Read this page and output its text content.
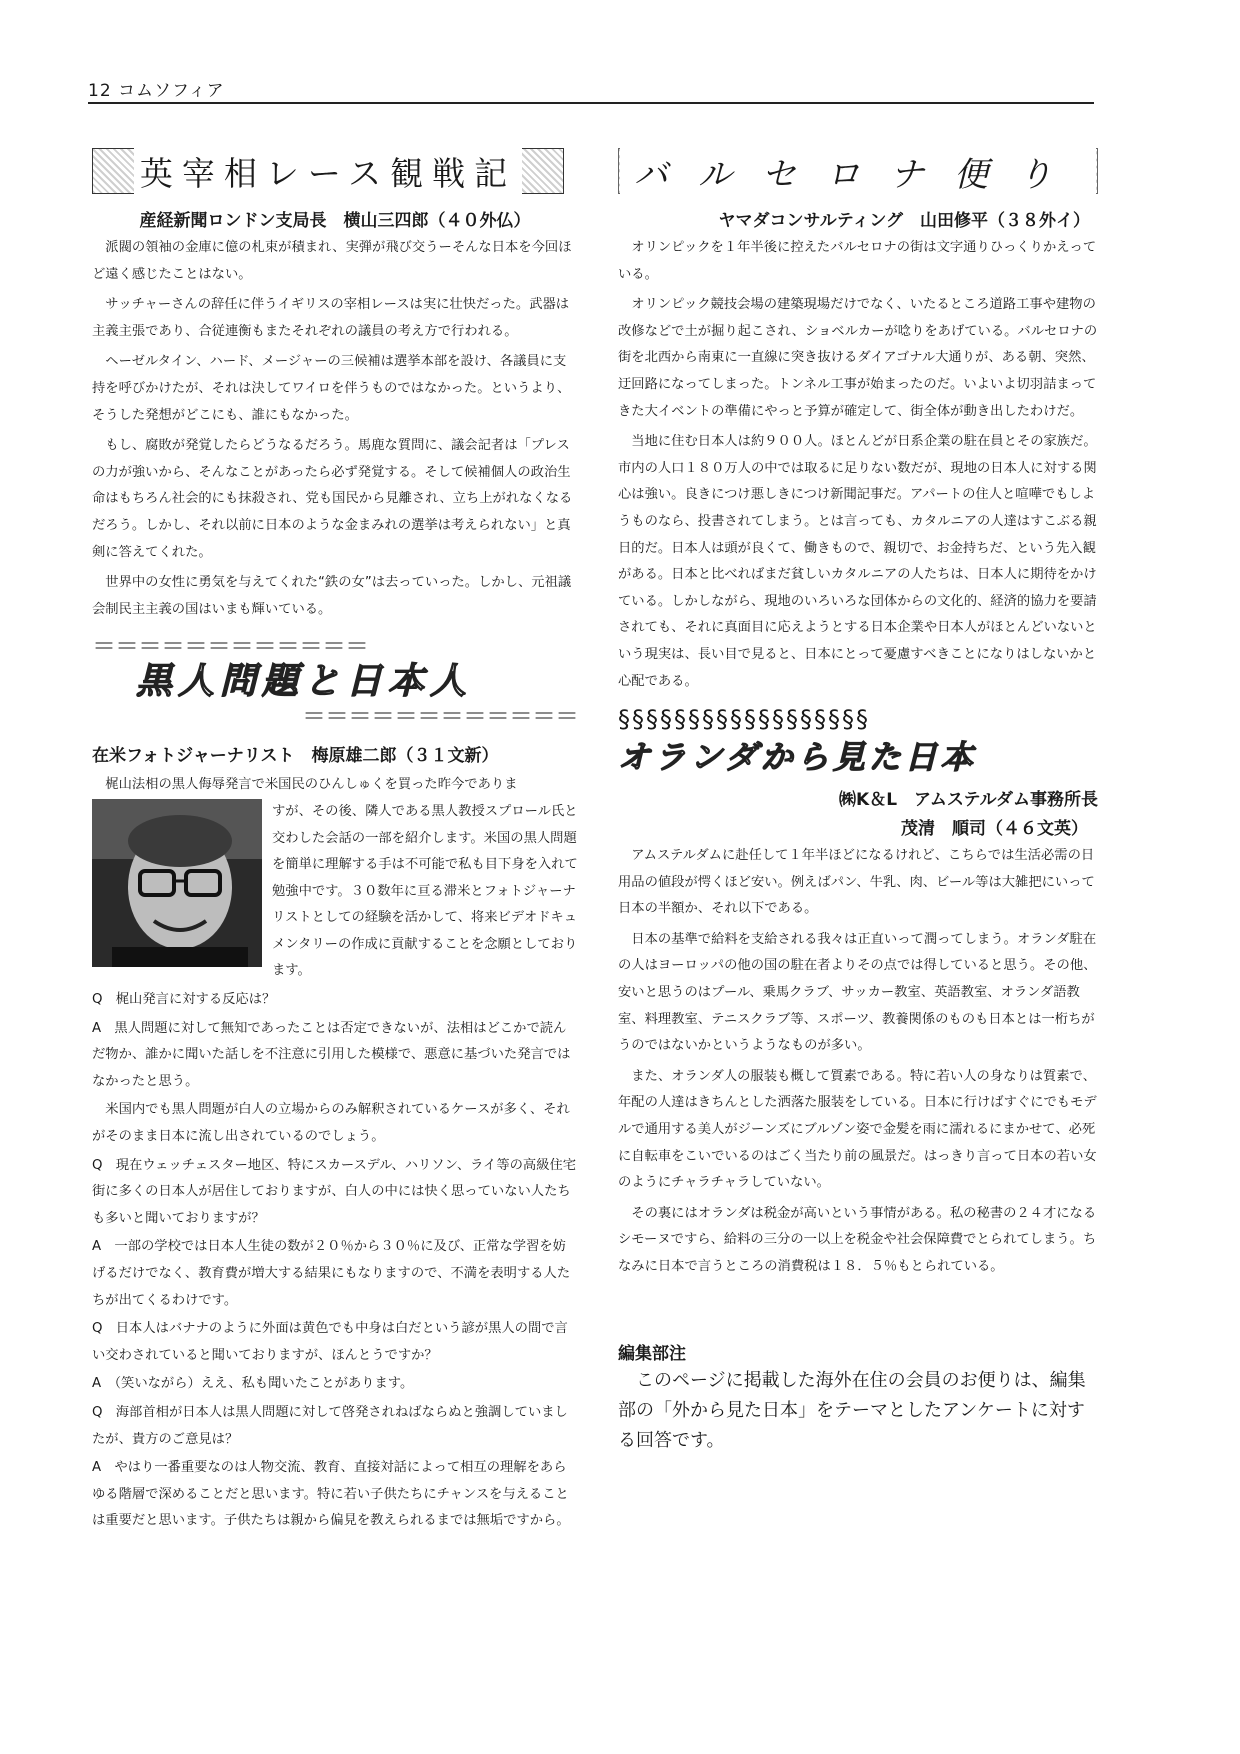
12 コムソフィア
英宰相レース観戦記
産経新聞ロンドン支局長　横山三四郎（４０外仏）

派閥の領袖の金庫に億の札束が積まれ、実弾が飛び交うーそんな日本を今回ほど遠く感じたことはない。

サッチャーさんの辞任に伴うイギリスの宰相レースは実に壮快だった。武器は主義主張であり、合従連衡もまたそれぞれの議員の考え方で行われる。

ヘーゼルタイン、ハード、メージャーの三候補は選挙本部を設け、各議員に支持を呼びかけたが、それは決してワイロを伴うものではなかった。というより、そうした発想がどこにも、誰にもなかった。

もし、腐敗が発覚したらどうなるだろう。馬鹿な質問に、議会記者は「プレスの力が強いから、そんなことがあったら必ず発覚する。そして候補個人の政治生命はもちろん社会的にも抹殺され、党も国民から見離され、立ち上がれなくなるだろう。しかし、それ以前に日本のような金まみれの選挙は考えられない」と真剣に答えてくれた。

世界中の女性に勇気を与えてくれた“鉄の女”は去っていった。しかし、元祖議会制民主主義の国はいまも輝いている。

＝＝＝＝＝＝＝＝＝＝＝＝
黒人問題と日本人
＝＝＝＝＝＝＝＝＝＝＝＝
在米フォトジャーナリスト　梅原雄二郎（３１文新）

梶山法相の黒人侮辱発言で米国民のひんしゅくを買った昨今でありま

すが、その後、隣人である黒人教授スプロール氏と交わした会話の一部を紹介します。米国の黒人問題を簡単に理解する手は不可能で私も目下身を入れて勉強中です。３０数年に亘る滞米とフォトジャーナリストとしての経験を活かして、将来ビデオドキュメンタリーの作成に貢献することを念願としております。

Q　梶山発言に対する反応は？

A　黒人問題に対して無知であったことは否定できないが、法相はどこかで読んだ物か、誰かに聞いた話しを不注意に引用した模様で、悪意に基づいた発言ではなかったと思う。

　米国内でも黒人問題が白人の立場からのみ解釈されているケースが多く、それがそのまま日本に流し出されているのでしょう。

Q　現在ウェッチェスター地区、特にスカースデル、ハリソン、ライ等の高級住宅街に多くの日本人が居住しておりますが、白人の中には快く思っていない人たちも多いと聞いておりますが？

A　一部の学校では日本人生徒の数が２０％から３０％に及び、正常な学習を妨げるだけでなく、教育費が増大する結果にもなりますので、不満を表明する人たちが出てくるわけです。

Q　日本人はバナナのように外面は黄色でも中身は白だという諺が黒人の間で言い交わされていると聞いておりますが、ほんとうですか？

A　（笑いながら）ええ、私も聞いたことがあります。

Q　海部首相が日本人は黒人問題に対して啓発されねばならぬと強調していましたが、貴方のご意見は？

A　やはり一番重要なのは人物交流、教育、直接対話によって相互の理解をあらゆる階層で深めることだと思います。特に若い子供たちにチャンスを与えることは重要だと思います。子供たちは親から偏見を教えられるまでは無垢ですから。

バルセロナ便り
ヤマダコンサルティング　山田修平（３８外イ）

オリンピックを１年半後に控えたバルセロナの街は文字通りひっくりかえっている。

オリンピック競技会場の建築現場だけでなく、いたるところ道路工事や建物の改修などで土が掘り起こされ、ショベルカーが唸りをあげている。バルセロナの街を北西から南東に一直線に突き抜けるダイアゴナル大通りが、ある朝、突然、迂回路になってしまった。トンネル工事が始まったのだ。いよいよ切羽詰まってきた大イベントの準備にやっと予算が確定して、街全体が動き出したわけだ。

当地に住む日本人は約９００人。ほとんどが日系企業の駐在員とその家族だ。市内の人口１８０万人の中では取るに足りない数だが、現地の日本人に対する関心は強い。良きにつけ悪しきにつけ新聞記事だ。アパートの住人と喧嘩でもしようものなら、投書されてしまう。とは言っても、カタルニアの人達はすこぶる親日的だ。日本人は頭が良くて、働きもので、親切で、お金持ちだ、という先入観がある。日本と比べればまだ貧しいカタルニアの人たちは、日本人に期待をかけている。しかしながら、現地のいろいろな団体からの文化的、経済的協力を要請されても、それに真面目に応えようとする日本企業や日本人がほとんどいないという現実は、長い目で見ると、日本にとって憂慮すべきことになりはしないかと心配である。

§§§§§§§§§§§§§§§§§§
オランダから見た日本
㈱K＆L　アムステルダム事務所長
茂清　順司（４６文英）

アムステルダムに赴任して１年半ほどになるけれど、こちらでは生活必需の日用品の値段が愕くほど安い。例えばパン、牛乳、肉、ビール等は大雑把にいって日本の半額か、それ以下である。

日本の基準で給料を支給される我々は正直いって潤ってしまう。オランダ駐在の人はヨーロッパの他の国の駐在者よりその点では得していると思う。その他、安いと思うのはプール、乗馬クラブ、サッカー教室、英語教室、オランダ語教室、料理教室、テニスクラブ等、スポーツ、教養関係のものも日本とは一桁ちがうのではないかというようなものが多い。

また、オランダ人の服装も概して質素である。特に若い人の身なりは質素で、年配の人達はきちんとした洒落た服装をしている。日本に行けばすぐにでもモデルで通用する美人がジーンズにブルゾン姿で金髪を雨に濡れるにまかせて、必死に自転車をこいでいるのはごく当たり前の風景だ。はっきり言って日本の若い女のようにチャラチャラしていない。

その裏にはオランダは税金が高いという事情がある。私の秘書の２４才になるシモーヌですら、給料の三分の一以上を税金や社会保障費でとられてしまう。ちなみに日本で言うところの消費税は１８．５％もとられている。

編集部注

このページに掲載した海外在住の会員のお便りは、編集部の「外から見た日本」をテーマとしたアンケートに対する回答です。
